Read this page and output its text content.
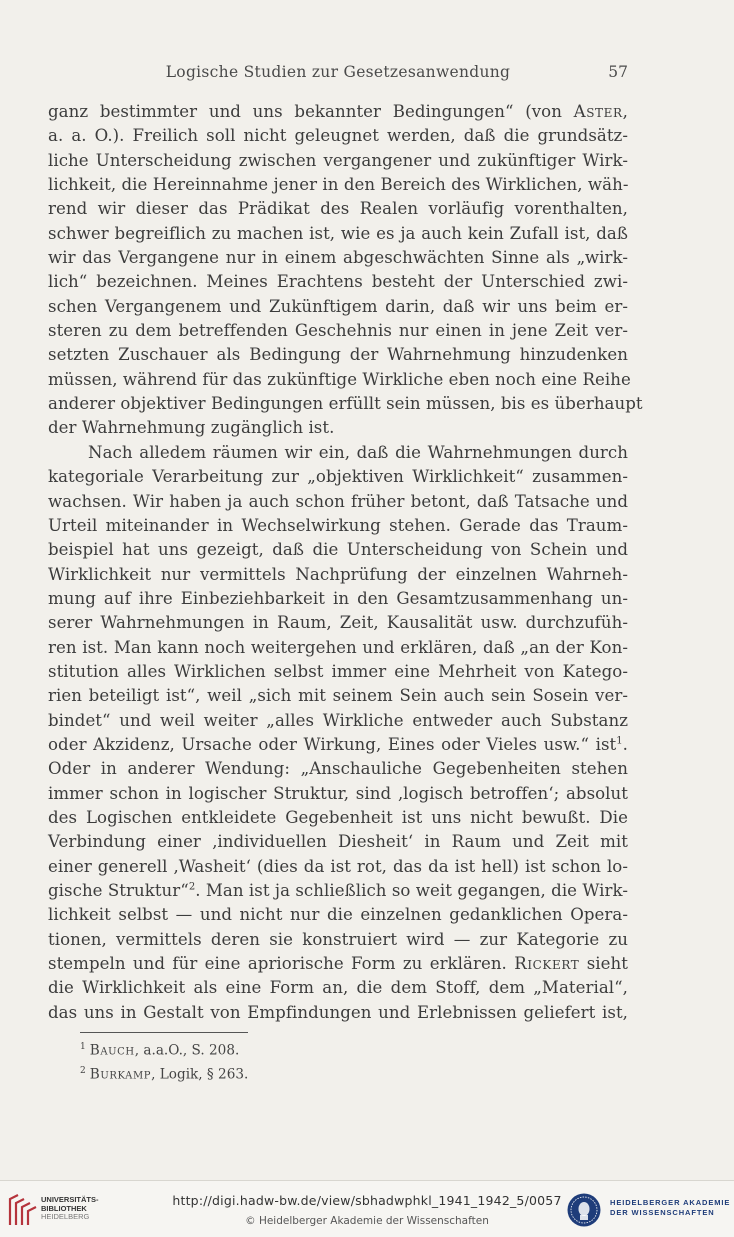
Logische Studien zur Gesetzesanwendung	57
ganz bestimmter und uns bekannter Bedingungen“ (von Aster,
a. a. O.). Freilich soll nicht geleugnet werden, daß die grundsätz-
liche Unterscheidung zwischen vergangener und zukünftiger Wirk-
lichkeit, die Hereinnahme jener in den Bereich des Wirklichen, wäh-
rend wir dieser das Prädikat des Realen vorläufig vorenthalten,
schwer begreiflich zu machen ist, wie es ja auch kein Zufall ist, daß
wir das Vergangene nur in einem abgeschwächten Sinne als „wirk-
lich“ bezeichnen. Meines Erachtens besteht der Unterschied zwi-
schen Vergangenem und Zukünftigem darin, daß wir uns beim er-
steren zu dem betreffenden Geschehnis nur einen in jene Zeit ver-
setzten Zuschauer als Bedingung der Wahrnehmung hinzudenken
müssen, während für das zukünftige Wirkliche eben noch eine Reihe
anderer objektiver Bedingungen erfüllt sein müssen, bis es überhaupt
der Wahrnehmung zugänglich ist.
Nach alledem räumen wir ein, daß die Wahrnehmungen durch
kategoriale Verarbeitung zur „objektiven Wirklichkeit“ zusammen-
wachsen. Wir haben ja auch schon früher betont, daß Tatsache und
Urteil miteinander in Wechselwirkung stehen. Gerade das Traum-
beispiel hat uns gezeigt, daß die Unterscheidung von Schein und
Wirklichkeit nur vermittels Nachprüfung der einzelnen Wahrneh-
mung auf ihre Einbeziehbarkeit in den Gesamtzusammenhang un-
serer Wahrnehmungen in Raum, Zeit, Kausalität usw. durchzufüh-
ren ist. Man kann noch weitergehen und erklären, daß „an der Kon-
stitution alles Wirklichen selbst immer eine Mehrheit von Katego-
rien beteiligt ist“, weil „sich mit seinem Sein auch sein Sosein ver-
bindet“ und weil weiter „alles Wirkliche entweder auch Substanz
oder Akzidenz, Ursache oder Wirkung, Eines oder Vieles usw.“ ist$^1$.
Oder in anderer Wendung: „Anschauliche Gegebenheiten stehen
immer schon in logischer Struktur, sind ‚logisch betroffen‘; absolut
des Logischen entkleidete Gegebenheit ist uns nicht bewußt. Die
Verbindung einer ‚individuellen Diesheit‘ in Raum und Zeit mit
einer generell ‚Washeit‘ (dies da ist rot, das da ist hell) ist schon lo-
gische Struktur“$^2$. Man ist ja schließlich so weit gegangen, die Wirk-
lichkeit selbst — und nicht nur die einzelnen gedanklichen Opera-
tionen, vermittels deren sie konstruiert wird — zur Kategorie zu
stempeln und für eine apriorische Form zu erklären. Rickert sieht
die Wirklichkeit als eine Form an, die dem Stoff, dem „Material“,
das uns in Gestalt von Empfindungen und Erlebnissen geliefert ist,
$^1$ Bauch, a.a.O., S. 208.
$^2$ Burkamp, Logik, § 263.
UNIVERSITÄTS-
BIBLIOTHEK
HEIDELBERG
http://digi.hadw-bw.de/view/sbhadwphkl_1941_1942_5/0057
© Heidelberger Akademie der Wissenschaften
HEIDELBERGER AKADEMIE
DER WISSENSCHAFTEN
